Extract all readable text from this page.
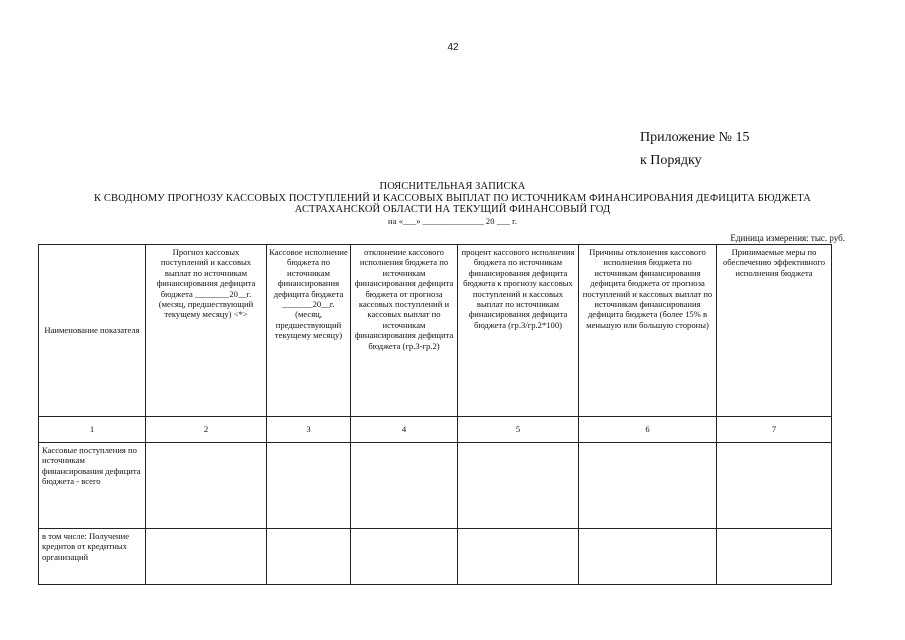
42
Приложение № 15
к Порядку
ПОЯСНИТЕЛЬНАЯ ЗАПИСКА
К СВОДНОМУ ПРОГНОЗУ КАССОВЫХ ПОСТУПЛЕНИЙ И КАССОВЫХ ВЫПЛАТ ПО ИСТОЧНИКАМ ФИНАНСИРОВАНИЯ ДЕФИЦИТА БЮДЖЕТА
АСТРАХАНСКОЙ ОБЛАСТИ НА ТЕКУЩИЙ ФИНАНСОВЫЙ ГОД
на «___» ______________ 20 ___ г.
Единица измерения: тыс. руб.
Наименование показателя	Прогноз кассовых поступлений и кассовых выплат по источникам финансирования дефицита бюджета ________20__г. (месяц, предшествующий текущему месяцу) <*>	Кассовое исполнение бюджета по источникам финансирования дефицита бюджета _______20__г. (месяц, предшествующий текущему месяцу)	отклонение кассового исполнения бюджета по источникам финансирования дефицита бюджета от прогноза кассовых поступлений и кассовых выплат по источникам финансирования дефицита бюджета (гр.3-гр.2)	процент кассового исполнения бюджета по источникам финансирования дефицита бюджета к прогнозу кассовых поступлений и кассовых выплат по источникам финансирования дефицита бюджета (гр.3/гр.2*100)	Причины отклонения кассового исполнения бюджета по источникам финансирования дефицита бюджета от прогноза поступлений и кассовых выплат по источникам финансирования дефицита бюджета (более 15% в меньшую или большую стороны)	Принимаемые меры по обеспечению эффективного исполнения бюджета
1	2	3	4	5	6	7
Кассовые поступления по источникам финансирования дефицита бюджета - всего						
в том числе: Получение кредитов от кредитных организаций						
